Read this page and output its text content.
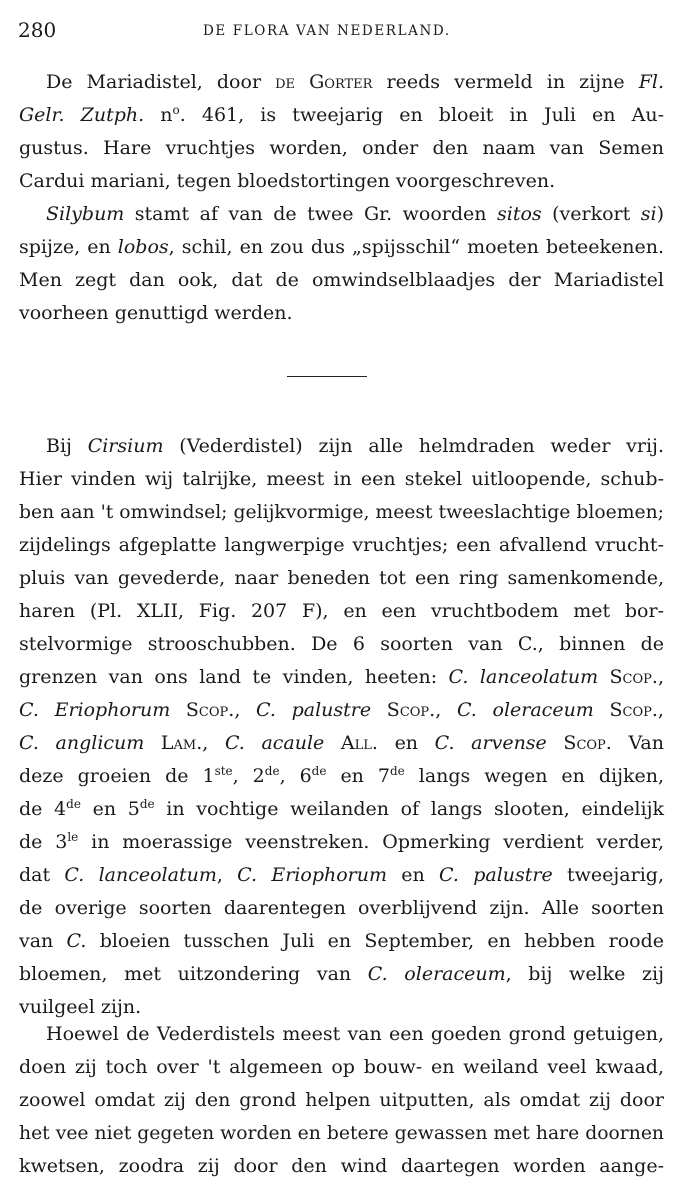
280	DE FLORA VAN NEDERLAND.

De Mariadistel, door de Gorter reeds vermeld in zijne Fl.
Gelr. Zutph. $n^o$. 461, is tweejarig en bloeit in Juli en Au-
gustus. Hare vruchtjes worden, onder den naam van Semen
Cardui mariani, tegen bloedstortingen voorgeschreven.

Silybum stamt af van de twee Gr. woorden sitos (verkort si)
spijze, en lobos, schil, en zou dus „spijsschil“ moeten beteekenen.
Men zegt dan ook, dat de omwindselblaadjes der Mariadistel
voorheen genuttigd werden.

Bij Cirsium (Vederdistel) zijn alle helmdraden weder vrij.
Hier vinden wij talrijke, meest in een stekel uitloopende, schub-
ben aan 't omwindsel; gelijkvormige, meest tweeslachtige bloemen;
zijdelings afgeplatte langwerpige vruchtjes; een afvallend vrucht-
pluis van gevederde, naar beneden tot een ring samenkomende,
haren (Pl. XLII, Fig. 207 F), en een vruchtbodem met bor-
stelvormige strooschubben. De 6 soorten van C., binnen de
grenzen van ons land te vinden, heeten: C. lanceolatum Scop.,
C. Eriophorum Scop., C. palustre Scop., C. oleraceum Scop.,
C. anglicum Lam., C. acaule All. en C. arvense Scop. Van
deze groeien de 1ste, 2de, 6de en 7de langs wegen en dijken,
de 4de en 5de in vochtige weilanden of langs slooten, eindelijk
de $3^{le}$ in moerassige veenstreken. Opmerking verdient verder,
dat C. lanceolatum, C. Eriophorum en C. palustre tweejarig,
de overige soorten daarentegen overblijvend zijn. Alle soorten
van C. bloeien tusschen Juli en September, en hebben roode
bloemen, met uitzondering van C. oleraceum, bij welke zij
vuilgeel zijn.

Hoewel de Vederdistels meest van een goeden grond getuigen,
doen zij toch over 't algemeen op bouw- en weiland veel kwaad,
zoowel omdat zij den grond helpen uitputten, als omdat zij door
het vee niet gegeten worden en betere gewassen met hare doornen
kwetsen, zoodra zij door den wind daartegen worden aange-
